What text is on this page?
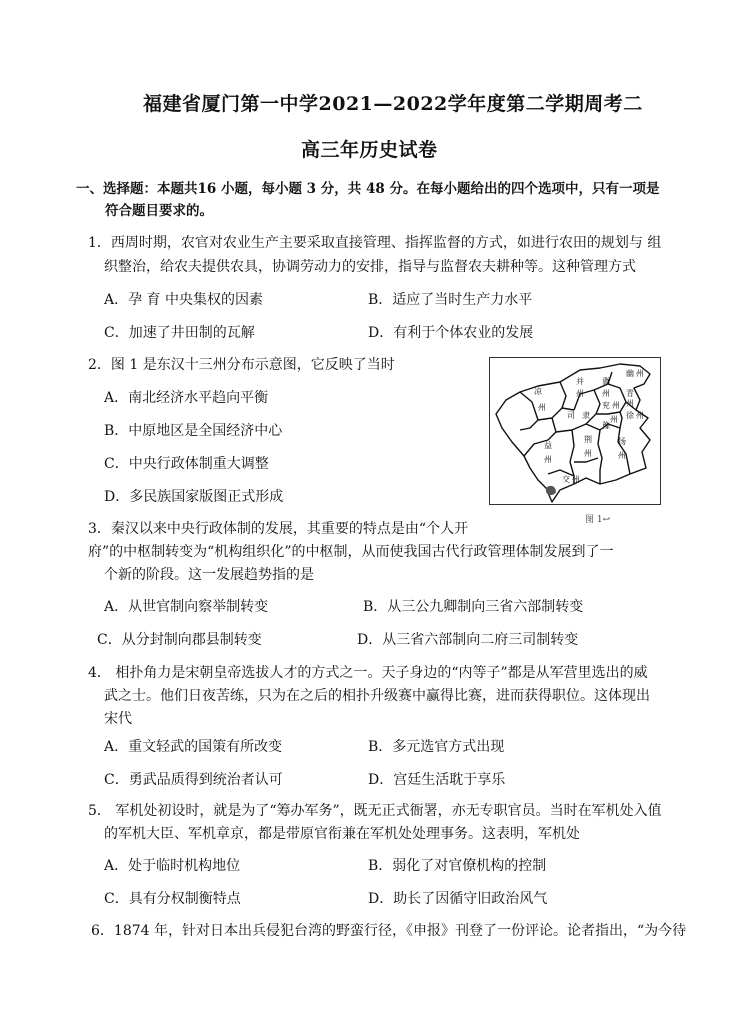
福建省厦门第一中学2021—2022学年度第二学期周考二
高三年历史试卷
一、选择题：本题共16 小题，每小题 3 分，共 48 分。在每小题给出的四个选项中，只有一项是
符合题目要求的。
1．西周时期，农官对农业生产主要采取直接管理、指挥监督的方式，如进行农田的规划与 组
织整治，给农夫提供农具，协调劳动力的安排，指导与监督农夫耕种等。这种管理方式
A．孕 育 中央集权的因素	B．适应了当时生产力水平
C．加速了井田制的瓦解	D．有利于个体农业的发展
2．图 1 是东汉十三州分布示意图，它反映了当时
A．南北经济水平趋向平衡
B．中原地区是全国经济中心
C．中央行政体制重大调整
D．多民族国家版图正式形成
幽 州
并
州
冀
州
凉
州
司 隶
兖 州
青
州
豫
州 徐 州
益
州
荆
州
扬
州
交 州
图 1↩
3．秦汉以来中央行政体制的发展，其重要的特点是由“个人开
府”的中枢制转变为“机构组织化”的中枢制，从而使我国古代行政管理体制发展到了一
个新的阶段。这一发展趋势指的是
A．从世官制向察举制转变	B．从三公九卿制向三省六部制转变
C．从分封制向郡县制转变	D．从三省六部制向二府三司制转变
4． 相扑角力是宋朝皇帝选拔人才的方式之一。天子身边的“内等子”都是从军营里选出的威
武之士。他们日夜苦练，只为在之后的相扑升级赛中赢得比赛，进而获得职位。这体现出
宋代
A．重文轻武的国策有所改变	B．多元选官方式出现
C．勇武品质得到统治者认可	D．宫廷生活耽于享乐
5． 军机处初设时，就是为了“筹办军务”，既无正式衙署，亦无专职官员。当时在军机处入值
的军机大臣、军机章京，都是带原官衔兼在军机处处理事务。这表明，军机处
A．处于临时机构地位	B．弱化了对官僚机构的控制
C．具有分权制衡特点	D．助长了因循守旧政治风气
6．1874 年，针对日本出兵侵犯台湾的野蛮行径，《申报》刊登了一份评论。论者指出，“为今待
